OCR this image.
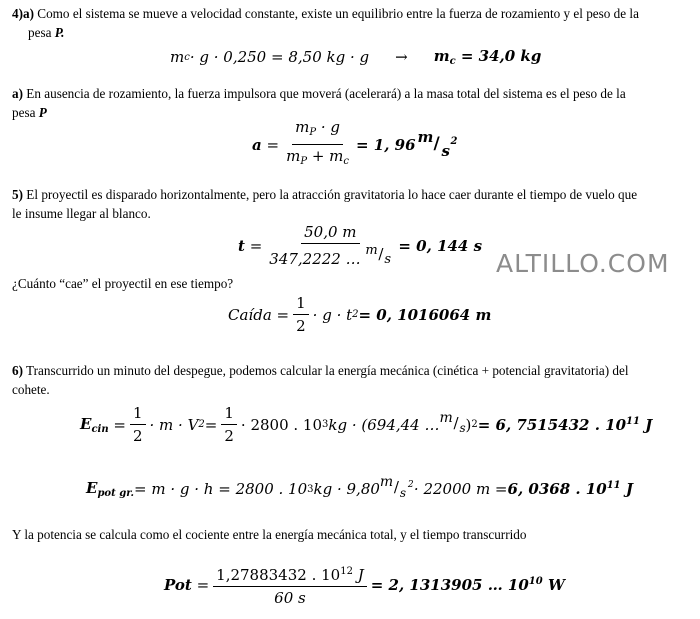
4)a) Como el sistema se mueve a velocidad constante, existe un equilibrio entre la fuerza de rozamiento y el peso de la
pesa P.
m c · g · 0,250 = 8,50 kg · $g \to m_c = 34,0$ kg
a) En ausencia de rozamiento, la fuerza impulsora que moverá (acelerará) a la masa total del sistema es el peso de la
pesa P
$a = \frac{m_P \cdot g}{m_P + m_c} = 1$, 96 m / s
2
5) El proyectil es disparado horizontalmente, pero la atracción gravitatoria lo hace caer durante el tiempo de vuelo que
le insume llegar al blanco.
$t = \frac{50,0 m}{347,2222 \dots m / s} = 0$, 144 s
ALTILLO.COM
¿Cuánto “cae” el proyectil en ese tiempo?
Caída = $\frac{1}{2} \cdot g \cdot t$ 2 = 0, 1016064 m
6) Transcurrido un minuto del despegue, podemos calcular la energía mecánica (cinética + potencial gravitatoria) del
cohete.
$E_{cin} = \frac{1}{2} \cdot m \cdot V$ $2 = \frac{1}{2} \cdot 2800$ . 10 3 kg · (694,44 … m / s ) 2 = 6, 7515432 . $10^{11}$ J
$E_{pot gr.} = m \cdot g \cdot h = 2800$ . 10 3 kg · 9,80 m / s
2 · 22000 m = 6, 0368 . $10^{11}$ J
Y la potencia se calcula como el cociente entre la energía mecánica total, y el tiempo transcurrido
Pot = $\frac{1,27883432 . 10^{12} J}{60 s} = 2$, 1313905 … $10^{10}$ W
